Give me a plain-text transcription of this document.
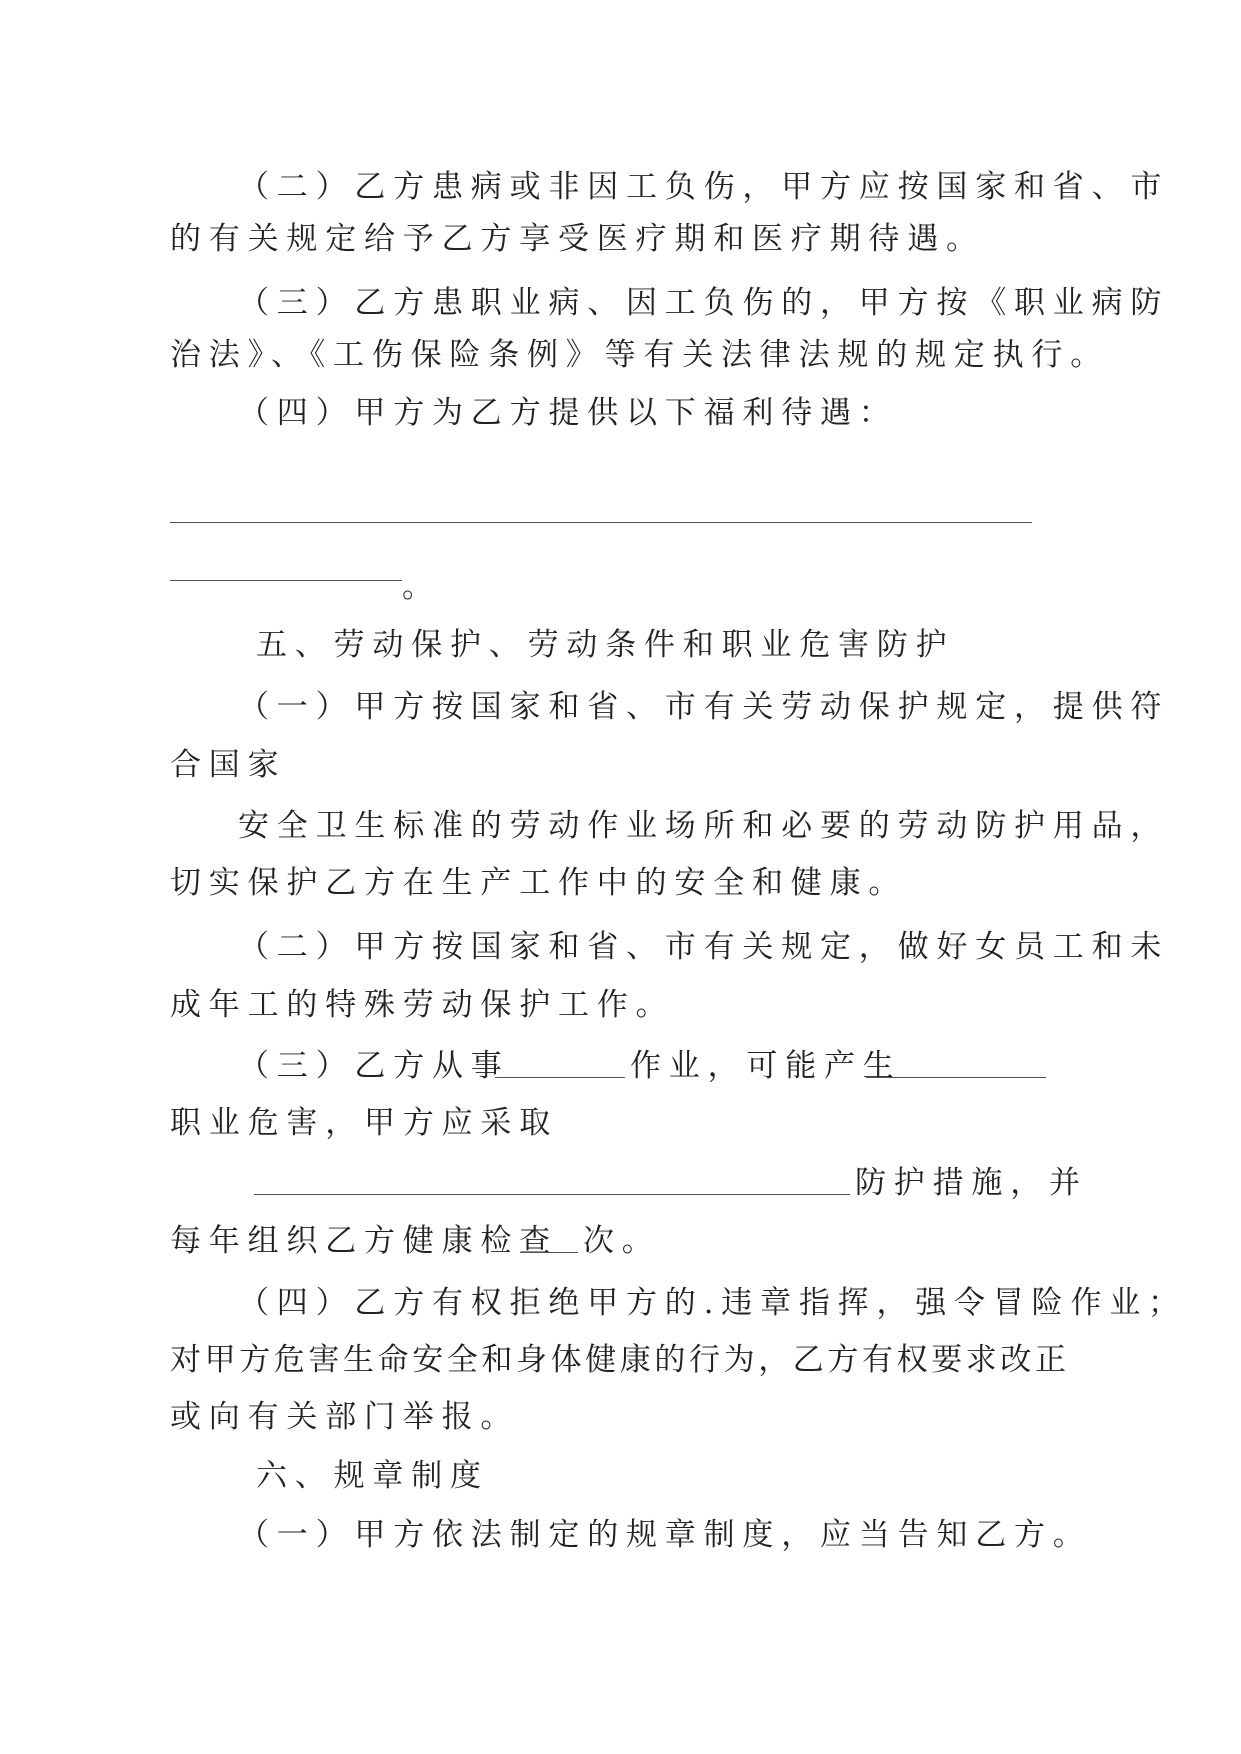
（二）乙方患病或非因工负伤，甲方应按国家和省、市
的有关规定给予乙方享受医疗期和医疗期待遇。
（三）乙方患职业病、因工负伤的，甲方按《职业病防
治法》、《工伤保险条例》等有关法律法规的规定执行。
（四）甲方为乙方提供以下福利待遇：
。
五、劳动保护、劳动条件和职业危害防护
（一）甲方按国家和省、市有关劳动保护规定，提供符
合国家
安全卫生标准的劳动作业场所和必要的劳动防护用品，
切实保护乙方在生产工作中的安全和健康。
（二）甲方按国家和省、市有关规定，做好女员工和未
成年工的特殊劳动保护工作。
（三）乙方从事	作业，可能产生
职业危害，甲方应采取
防护措施，并
每年组织乙方健康检查 次。
（四）乙方有权拒绝甲方的.违章指挥，强令冒险作业；
对甲方危害生命安全和身体健康的行为，乙方有权要求改正
或向有关部门举报。
六、规章制度
（一）甲方依法制定的规章制度，应当告知乙方。
